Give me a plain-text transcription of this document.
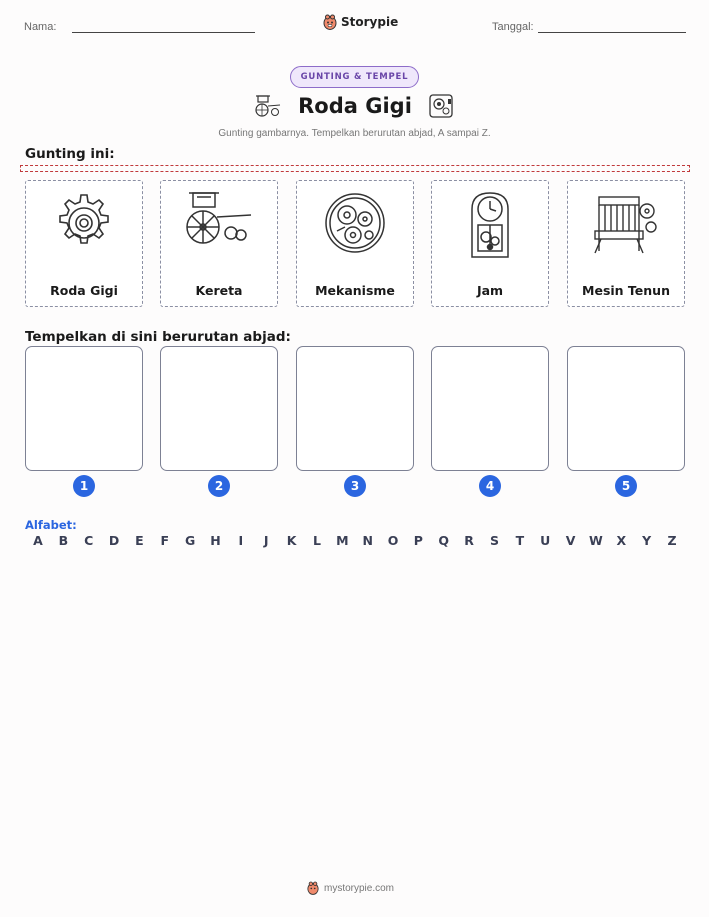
Nama:	Storypie	Tanggal:
GUNTING & TEMPEL
Roda Gigi
Gunting gambarnya. Tempelkan berurutan abjad, A sampai Z.
Gunting ini:
Roda Gigi	Kereta	Mekanisme	Jam	Mesin Tenun
Tempelkan di sini berurutan abjad:
1	2	3	4	5
Alfabet:
A B C D E F G H	I	J	K	L	M N O P Q R S T U V W X Y Z
mystorypie.com
